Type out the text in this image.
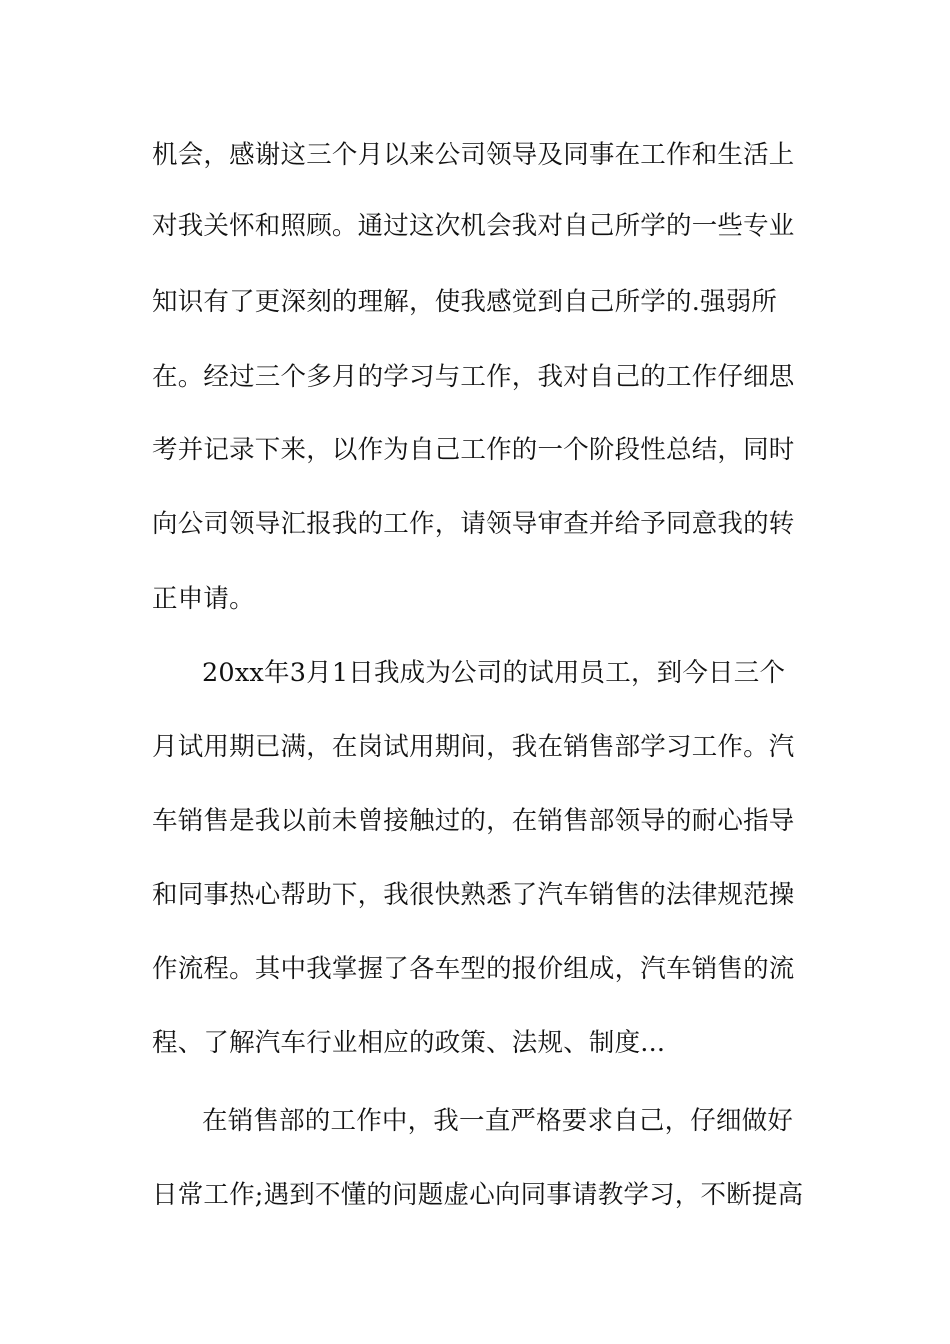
机会，感谢这三个月以来公司领导及同事在工作和生活上
对我关怀和照顾。通过这次机会我对自己所学的一些专业
知识有了更深刻的理解，使我感觉到自己所学的.强弱所
在。经过三个多月的学习与工作，我对自己的工作仔细思
考并记录下来，以作为自己工作的一个阶段性总结，同时
向公司领导汇报我的工作，请领导审查并给予同意我的转
正申请。
20xx年3月1日我成为公司的试用员工，到今日三个
月试用期已满，在岗试用期间，我在销售部学习工作。汽
车销售是我以前未曾接触过的，在销售部领导的耐心指导
和同事热心帮助下，我很快熟悉了汽车销售的法律规范操
作流程。其中我掌握了各车型的报价组成，汽车销售的流
程、了解汽车行业相应的政策、法规、制度...
在销售部的工作中，我一直严格要求自己，仔细做好
日常工作;遇到不懂的问题虚心向同事请教学习，不断提高
